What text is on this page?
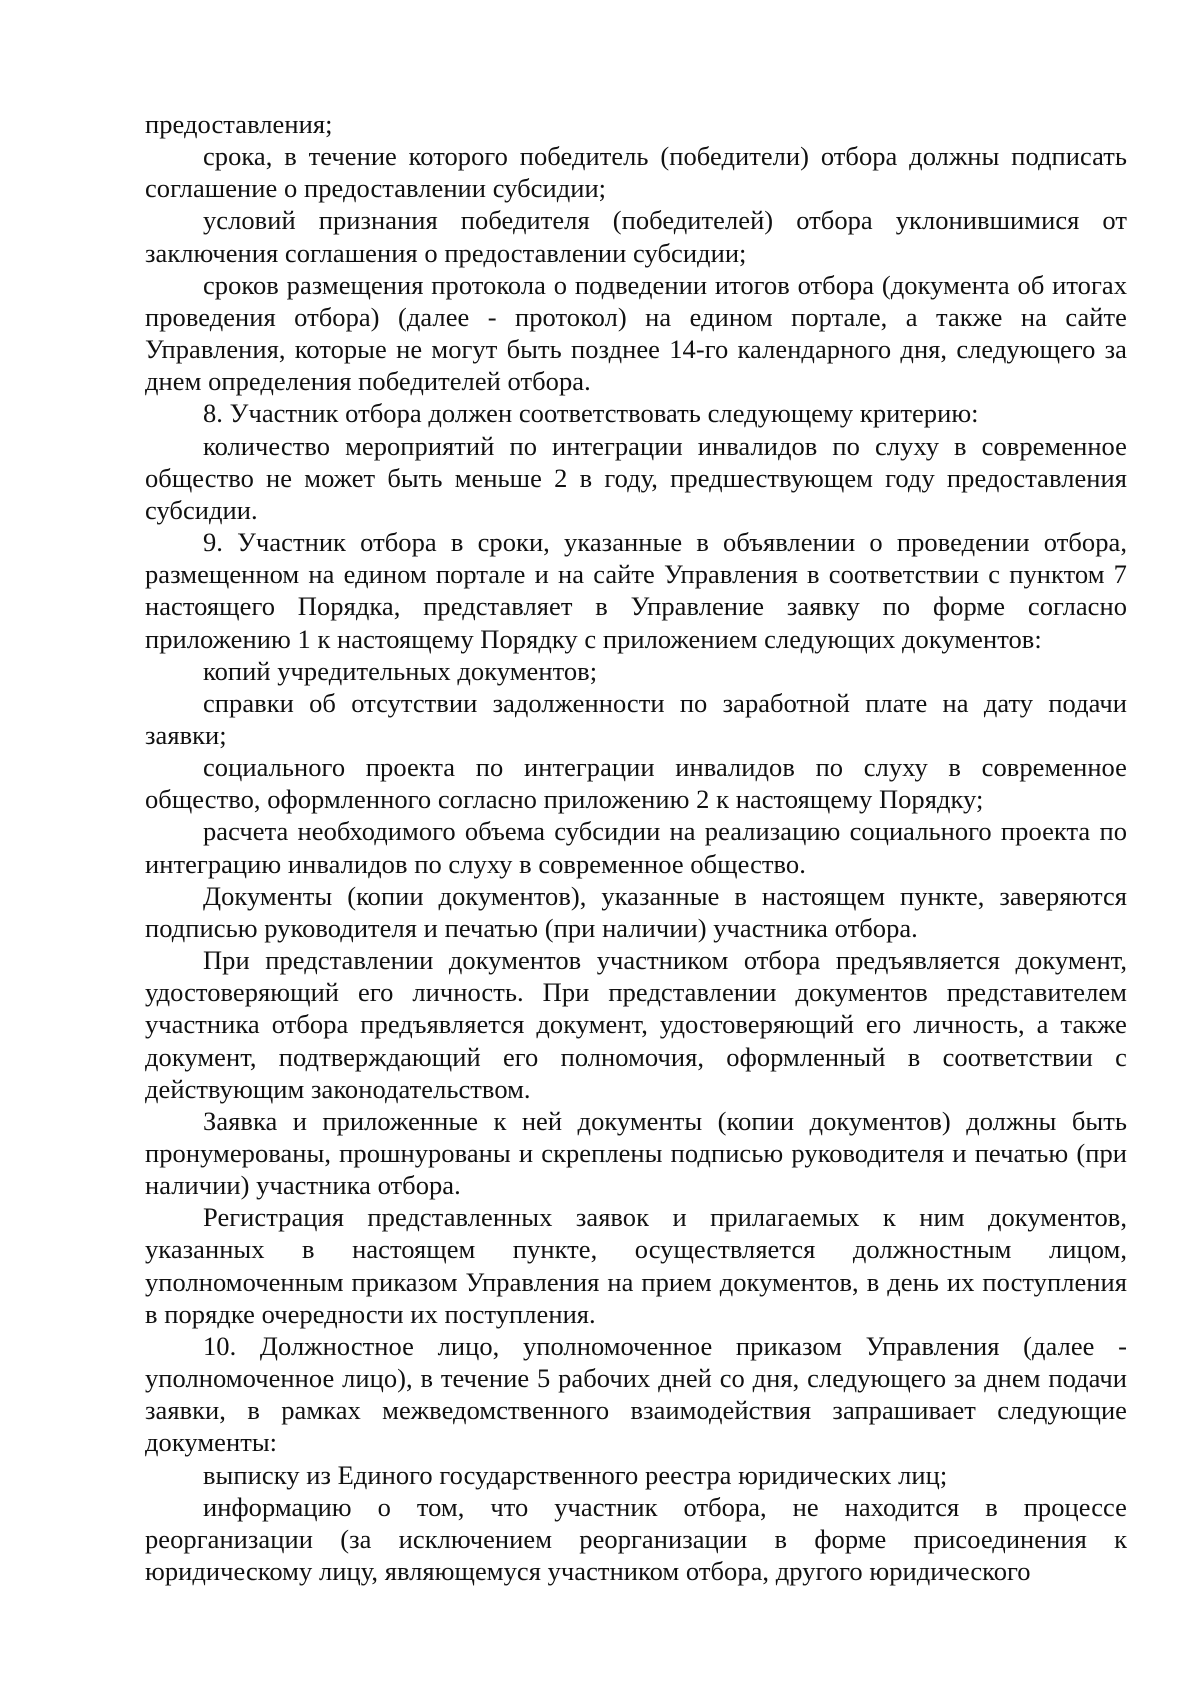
предоставления;

срока, в течение которого победитель (победители) отбора должны подписать соглашение о предоставлении субсидии;

условий признания победителя (победителей) отбора уклонившимися от заключения соглашения о предоставлении субсидии;

сроков размещения протокола о подведении итогов отбора (документа об итогах проведения отбора) (далее - протокол) на едином портале, а также на сайте Управления, которые не могут быть позднее 14-го календарного дня, следующего за днем определения победителей отбора.

8. Участник отбора должен соответствовать следующему критерию:

количество мероприятий по интеграции инвалидов по слуху в современное общество не может быть меньше 2 в году, предшествующем году предоставления субсидии.

9. Участник отбора в сроки, указанные в объявлении о проведении отбора, размещенном на едином портале и на сайте Управления в соответствии с пунктом 7 настоящего Порядка, представляет в Управление заявку по форме согласно приложению 1 к настоящему Порядку с приложением следующих документов:

копий учредительных документов;

справки об отсутствии задолженности по заработной плате на дату подачи заявки;

социального проекта по интеграции инвалидов по слуху в современное общество, оформленного согласно приложению 2 к настоящему Порядку;

расчета необходимого объема субсидии на реализацию социального проекта по интеграцию инвалидов по слуху в современное общество.

Документы (копии документов), указанные в настоящем пункте, заверяются подписью руководителя и печатью (при наличии) участника отбора.

При представлении документов участником отбора предъявляется документ, удостоверяющий его личность. При представлении документов представителем участника отбора предъявляется документ, удостоверяющий его личность, а также документ, подтверждающий его полномочия, оформленный в соответствии с действующим законодательством.

Заявка и приложенные к ней документы (копии документов) должны быть пронумерованы, прошнурованы и скреплены подписью руководителя и печатью (при наличии) участника отбора.

Регистрация представленных заявок и прилагаемых к ним документов, указанных в настоящем пункте, осуществляется должностным лицом, уполномоченным приказом Управления на прием документов, в день их поступления в порядке очередности их поступления.

10. Должностное лицо, уполномоченное приказом Управления (далее - уполномоченное лицо), в течение 5 рабочих дней со дня, следующего за днем подачи заявки, в рамках межведомственного взаимодействия запрашивает следующие документы:

выписку из Единого государственного реестра юридических лиц;

информацию о том, что участник отбора, не находится в процессе реорганизации (за исключением реорганизации в форме присоединения к юридическому лицу, являющемуся участником отбора, другого юридического
